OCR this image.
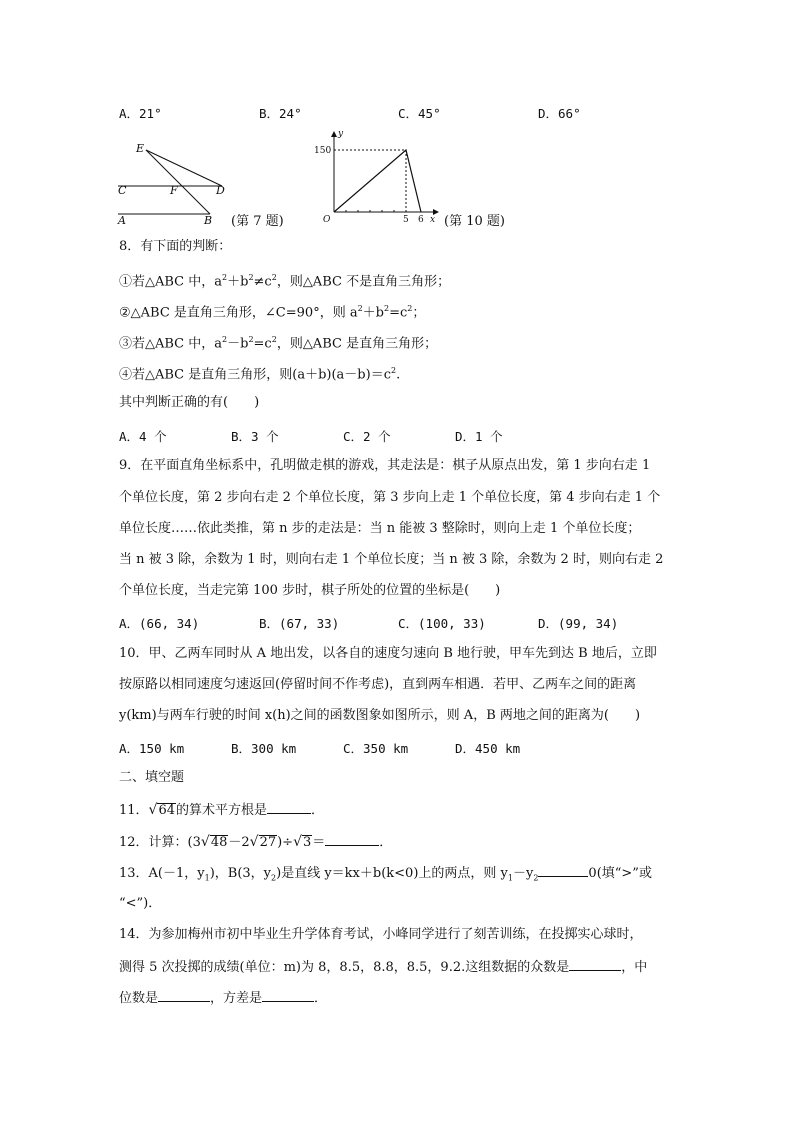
A．21°	B．24°	C．45°	D．66°
E
C	F	D
A	B (第 7 题)
y
x
O
150
5 6 (第 10 题)
8．有下面的判断：
①若△ABC 中，$a^2+b^2\ne c^2$，则△ABC 不是直角三角形；
②△ABC 是直角三角形，∠C=90°，则 $a^2+b^2=c^2$；
③若△ABC 中，$a^2-b^2=c^2$，则△ABC 是直角三角形；
④若△ABC 是直角三角形，则$(a+b)(a-b)=c^2$.
其中判断正确的有(　　)
A．4 个	B．3 个	C．2 个	D．1 个
9．在平面直角坐标系中，孔明做走棋的游戏，其走法是：棋子从原点出发，第 1 步向右走 1
个单位长度，第 2 步向右走 2 个单位长度，第 3 步向上走 1 个单位长度，第 4 步向右走 1 个
单位长度……依此类推，第 n 步的走法是：当 n 能被 3 整除时，则向上走 1 个单位长度；
当 n 被 3 除，余数为 1 时，则向右走 1 个单位长度；当 n 被 3 除，余数为 2 时，则向右走 2
个单位长度，当走完第 100 步时，棋子所处的位置的坐标是(　　)
A．(66, 34)	B．(67, 33)	C．(100, 33)	D．(99, 34)
10．甲、乙两车同时从 A 地出发，以各自的速度匀速向 B 地行驶，甲车先到达 B 地后，立即
按原路以相同速度匀速返回(停留时间不作考虑)，直到两车相遇．若甲、乙两车之间的距离
y(km)与两车行驶的时间 x(h)之间的函数图象如图所示，则 A，B 两地之间的距离为(　　)
A．150 km	B．300 km	C．350 km	D．450 km
二、填空题
11．√64的算术平方根是	．
12．计算：(3√48－2√27)÷√3＝	．
13．A(－1，$y_1$)，B(3，$y_2$)是直线 y＝kx＋b(k<0)上的两点，则 $y_1-y_2$	0(填“>”或
“<”)．
14．为参加梅州市初中毕业生升学体育考试，小峰同学进行了刻苦训练，在投掷实心球时，
测得 5 次投掷的成绩(单位：m)为 8，8.5，8.8，8.5，9.2.这组数据的众数是	，中
位数是	，方差是	．
